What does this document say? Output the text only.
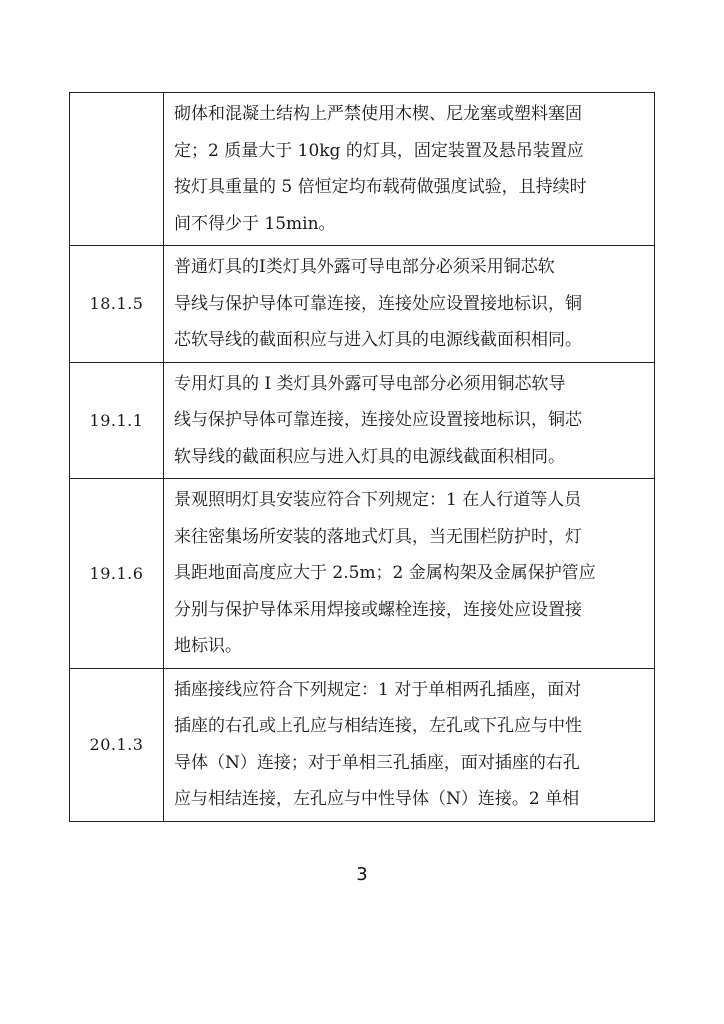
	砌体和混凝土结构上严禁使用木楔、尼龙塞或塑料塞固
定；2 质量大于 10kg 的灯具，固定装置及悬吊装置应
按灯具重量的 5 倍恒定均布载荷做强度试验，且持续时
间不得少于 15min。

18.1.5	普通灯具的Ⅰ类灯具外露可导电部分必须采用铜芯软
导线与保护导体可靠连接，连接处应设置接地标识，铜
芯软导线的截面积应与进入灯具的电源线截面积相同。

19.1.1	专用灯具的 Ⅰ 类灯具外露可导电部分必须用铜芯软导
线与保护导体可靠连接，连接处应设置接地标识，铜芯
软导线的截面积应与进入灯具的电源线截面积相同。

19.1.6	景观照明灯具安装应符合下列规定：1 在人行道等人员
来往密集场所安装的落地式灯具，当无围栏防护时，灯
具距地面高度应大于 2.5m；2 金属构架及金属保护管应
分别与保护导体采用焊接或螺栓连接，连接处应设置接
地标识。

20.1.3	插座接线应符合下列规定：1 对于单相两孔插座，面对
插座的右孔或上孔应与相结连接，左孔或下孔应与中性
导体（N）连接；对于单相三孔插座，面对插座的右孔
应与相结连接，左孔应与中性导体（N）连接。2 单相
3
